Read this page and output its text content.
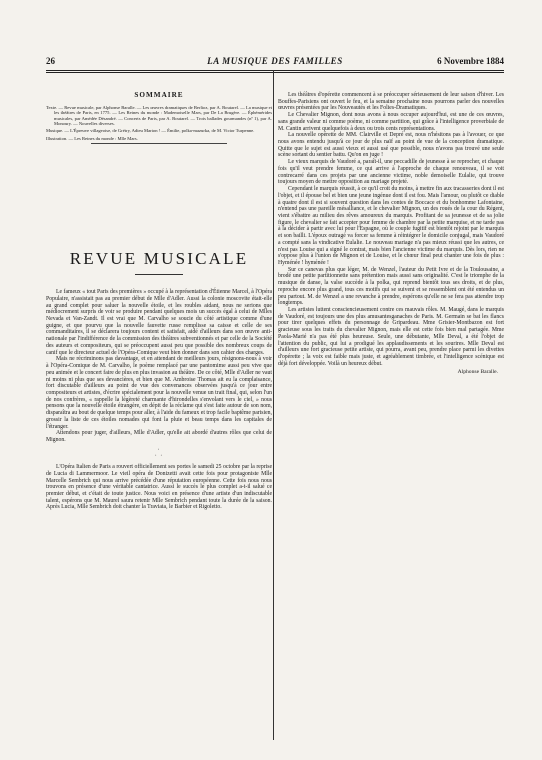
26	LA MUSIQUE DES FAMILLES	6 Novembre 1884
SOMMAIRE

Texte. — Revue musicale, par Alphonse Baralle. — Les œuvres dramatiques de Berlioz, par A. Boutarel. — La musique et les théâtres de Paris, en 1775. — Les Reines du monde : Mademoiselle Mars, par De La Brugère. — Éphémérides musicales, par Amédée Désandré. — Concerts de Paris, par A. Boutarel. — Trois ballades gourmandes (nº 1), par A. Monoury. — Nouvelles diverses.

Musique. — L'Épreuve villageoise, de Grétry, Adieu Marton ! — Émilie, polka-mazurka, de M. Victor Turpenne.

Illustration. — Les Reines du monde : Mlle Mars.

REVUE MUSICALE

Le fameux « tout Paris des premières » occupé à la représentation d'Étienne Marcel, à l'Opéra Populaire, n'assistait pas au premier début de Mlle d'Adler. Aussi la colonie moscovite était-elle au grand complet pour saluer la nouvelle étoile, et les roubles aidant, nous ne serions que médiocrement surpris de voir se produire pendant quelques mois un succès égal à celui de Mlles Nevada et Van-Zandt. Il est vrai que M. Carvalho se soucie du côté artistique comme d'une guigne, et que pourvu que la nouvelle fauvette russe remplisse sa caisse et celle de ses commanditaires, il se déclarera toujours content et satisfait, aidé d'ailleurs dans son œuvre anti-nationale par l'indifférence de la commission des théâtres subventionnés et par celle de la Société des auteurs et compositeurs, qui se préoccupent aussi peu que possible des nombreux coups de canif que le directeur actuel de l'Opéra-Comique veut bien donner dans son cahier des charges.

Mais ne récriminons pas davantage, et en attendant de meilleurs jours, résignons-nous à voir à l'Opéra-Comique de M. Carvalho, le poème remplacé par une pantomime aussi peu vive que peu animée et le concert faire de plus en plus invasion au théâtre. De ce côté, Mlle d'Adler ne vaut ni moins ni plus que ses devancières, et bien que M. Ambroise Thomas ait eu la complaisance, fort discutable d'ailleurs au point de vue des convenances observées jusqu'à ce jour entre compositeurs et artistes, d'écrire spécialement pour la nouvelle venue un trait final, qui, selon l'un de nos confrères, « rappelle la légèreté charmante d'hirondelles s'envolant vers le ciel, » nous pensons que la nouvelle étoile étrangère, en dépit de la réclame qui s'est faite autour de son nom, disparaîtra au bout de quelque temps pour aller, à l'aide du fameux et trop facile baptême parisien, grossir la liste de ces étoiles nomades qui font la pluie et beau temps dans les capitales de l'étranger.

Attendons pour juger, d'ailleurs, Mlle d'Adler, qu'elle ait abordé d'autres rôles que celui de Mignon.

·
· ·

L'Opéra Italien de Paris a rouvert officiellement ses portes le samedi 25 octobre par la reprise de Lucia di Lammermoor. Le vieil opéra de Donizetti avait cette fois pour protagoniste Mlle Marcelle Sembrich qui nous arrive précédée d'une réputation européenne. Cette fois nous nous trouvons en présence d'une véritable cantatrice. Aussi le succès le plus complet a-t-il salué ce premier début, et c'était de toute justice. Nous voici en présence d'une artiste d'un indiscutable talent, espérons que M. Maurel saura retenir Mlle Sembrich pendant toute la durée de la saison. Après Lucia, Mlle Sembrich doit chanter la Traviata, le Barbier et Rigoletto.

Les théâtres d'opérette commencent à se préoccuper sérieusement de leur saison d'hiver. Les Bouffes-Parisiens ont ouvert le feu, et la semaine prochaine nous pourrons parler des nouvelles œuvres présentées par les Nouveautés et les Folies-Dramatiques.

Le Chevalier Mignon, dont nous avons à nous occuper aujourd'hui, est une de ces œuvres, sans grande valeur ni comme poème, ni comme partition, qui grâce à l'intelligence proverbiale de M. Cantin arrivent quelquefois à deux ou trois cents représentations.

La nouvelle opérette de MM. Clairville et Depré est, nous n'hésitons pas à l'avouer, ce que nous avons entendu jusqu'à ce jour de plus naïf au point de vue de la conception dramatique. Quitte que le sujet est aussi vieux et aussi usé que possible, nous n'avons pas trouvé une seule scène sortant du sentier battu. Qu'on en juge !

Le vieux marquis de Vaudoré a, paraît-il, une peccadille de jeunesse à se reprocher, et chaque fois qu'il veut prendre femme, ce qui arrive à l'approche de chaque renouveau, il se voit contrecarré dans ces projets par une ancienne victime, noble demoiselle Eulalie, qui trouve toujours moyen de mettre opposition au mariage projeté.

Cependant le marquis réussit, à ce qu'il croit du moins, à mettre fin aux tracasseries dont il est l'objet, et il épouse bel et bien une jeune ingénue dont il est fou. Mais l'amour, ou plutôt ce diable à quatre dont il est si souvent question dans les contes de Boccace et du bonhomme Lafontaine, n'entend pas une pareille mésalliance, et le chevalier Mignon, un des roués de la cour du Régent, vient s'ébattre au milieu des rêves amoureux du marquis. Profitant de sa jeunesse et de sa jolie figure, le chevalier se fait accepter pour femme de chambre par la petite marquise, et ne tarde pas à la décider à partir avec lui pour l'Espagne, où le couple fugitif est bientôt rejoint par le marquis et son bailli. L'époux outragé va forcer sa femme à réintégrer le domicile conjugal, mais Vaudoré a compté sans la vindicative Eulalie. Le nouveau mariage n'a pas mieux réussi que les autres, ce n'est pas Louise qui a signé le contrat, mais bien l'ancienne victime du marquis. Dès lors, rien ne s'oppose plus à l'union de Mignon et de Louise, et le chœur final peut chanter une fois de plus : Hyménée ! hyménée !

Sur ce canevas plus que léger, M. de Wenzel, l'auteur du Petit Ivre et de la Toulousaine, a brodé une petite partitionnette sans prétention mais aussi sans originalité. C'est le triomphe de la musique de danse, la valse succède à la polka, qui reprend bientôt tous ses droits, et de plus, reproche encore plus grand, tous ces motifs qui se suivent et se ressemblent ont été entendus un peu partout. M. de Wenzel a une revanche à prendre, espérons qu'elle ne se fera pas attendre trop longtemps.

Les artistes luttent consciencieusement contre ces mauvais rôles. M. Maugé, dans le marquis de Vaudoré, est toujours une des plus amusantesganaches de Paris. M. Germain se bat les flancs pour tirer quelques effets du personnage de Gripardeau. Mme Grisier-Montbazon est fort gracieuse sous les traits du chevalier Mignon, mais elle est cette fois bien mal partagée. Mme Paola-Marié n'a pas été plus heureuse. Seule, une débutante, Mlle Deval, a été l'objet de l'attention du public, qui lui a prodigué les applaudissements et les sourires. Mlle Deval est d'ailleurs une fort gracieuse petite artiste, qui pourra, avant peu, prendre place parmi les divettes d'opérette ; la voix est faible mais juste, et agréablement timbrée, et l'intelligence scénique est déjà fort développée. Voilà un heureux début.

Alphonse Baralle.
